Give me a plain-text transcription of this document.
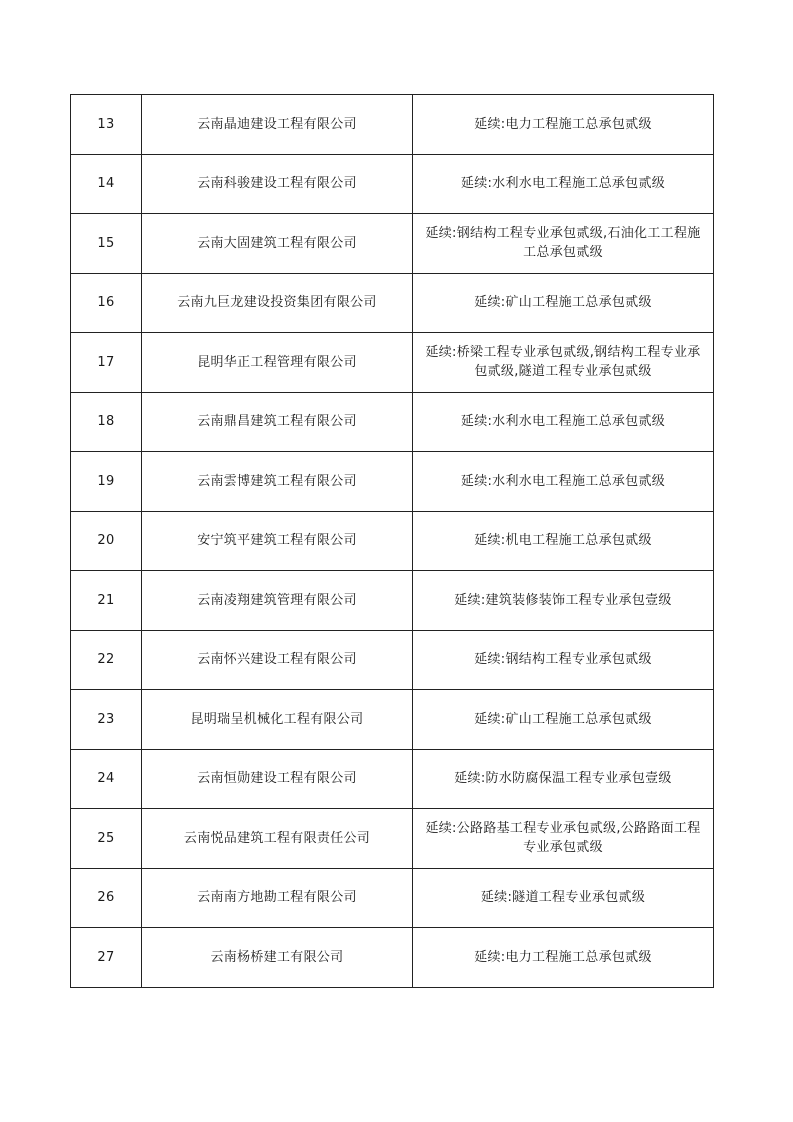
13	云南晶迪建设工程有限公司	延续:电力工程施工总承包贰级
14	云南科骏建设工程有限公司	延续:水利水电工程施工总承包贰级
15	云南大固建筑工程有限公司	延续:钢结构工程专业承包贰级,石油化工工程施工总承包贰级
16	云南九巨龙建设投资集团有限公司	延续:矿山工程施工总承包贰级
17	昆明华正工程管理有限公司	延续:桥梁工程专业承包贰级,钢结构工程专业承包贰级,隧道工程专业承包贰级
18	云南鼎昌建筑工程有限公司	延续:水利水电工程施工总承包贰级
19	云南雲博建筑工程有限公司	延续:水利水电工程施工总承包贰级
20	安宁筑平建筑工程有限公司	延续:机电工程施工总承包贰级
21	云南凌翔建筑管理有限公司	延续:建筑装修装饰工程专业承包壹级
22	云南怀兴建设工程有限公司	延续:钢结构工程专业承包贰级
23	昆明瑞呈机械化工程有限公司	延续:矿山工程施工总承包贰级
24	云南恒勋建设工程有限公司	延续:防水防腐保温工程专业承包壹级
25	云南悦品建筑工程有限责任公司	延续:公路路基工程专业承包贰级,公路路面工程专业承包贰级
26	云南南方地勘工程有限公司	延续:隧道工程专业承包贰级
27	云南杨桥建工有限公司	延续:电力工程施工总承包贰级
